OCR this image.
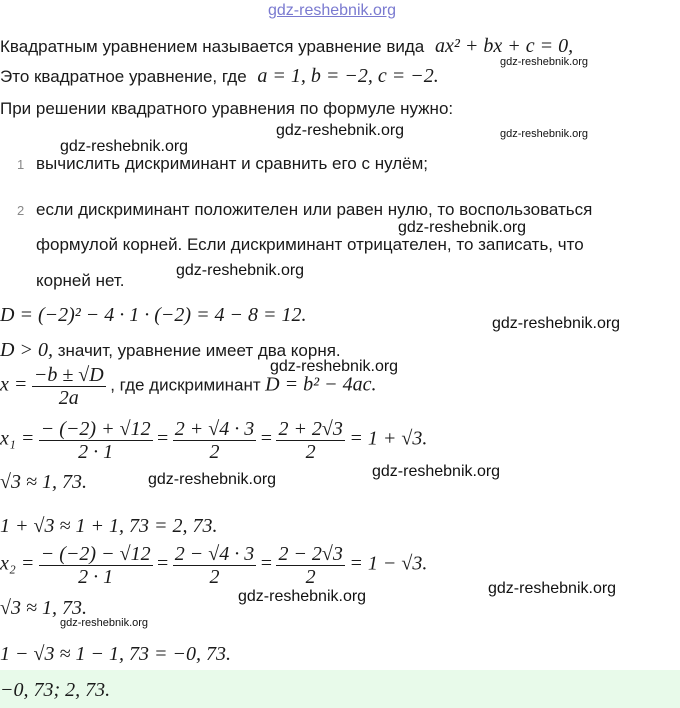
gdz-reshebnik.org
Квадратным уравнением называется уравнение вида ax² + bx + c = 0,
Это квадратное уравнение, где a = 1, b = −2, c = −2.
gdz-reshebnik.org
При решении квадратного уравнения по формуле нужно:
gdz-reshebnik.org
gdz-reshebnik.org	gdz-reshebnik.org
1 вычислить дискриминант и сравнить его с нулём;
2 если дискриминант положителен или равен нулю, то воспользоваться
формулой корней. Если дискриминант отрицателен, то записать, что
gdz-reshebnik.org
корней нет.
gdz-reshebnik.org
D = (−2)² − 4 · 1 · (−2) = 4 − 8 = 12.	gdz-reshebnik.org
D > 0, значит, уравнение имеет два корня.
gdz-reshebnik.org
$x = \frac{-b \pm √D}{2a}$ , где дискриминант D = b² − 4ac.
$x_1 = \frac{- (-2) + √12}{2 \cdot 1} = \frac{2 + √4 \cdot 3}{2} = \frac{2 + 2√3}{2} = 1 + √3$.
√3 ≈ 1, 73.	gdz-reshebnik.org	gdz-reshebnik.org
1 + √3 ≈ 1 + 1, 73 = 2, 73.
$x_2 = \frac{- (-2) - √12}{2 \cdot 1} = \frac{2 - √4 \cdot 3}{2} = \frac{2 - 2√3}{2} = 1 - √3$.
√3 ≈ 1, 73.
gdz-reshebnik.org	gdz-reshebnik.org
gdz-reshebnik.org
1 − √3 ≈ 1 − 1, 73 = −0, 73.
−0, 73; 2, 73.
